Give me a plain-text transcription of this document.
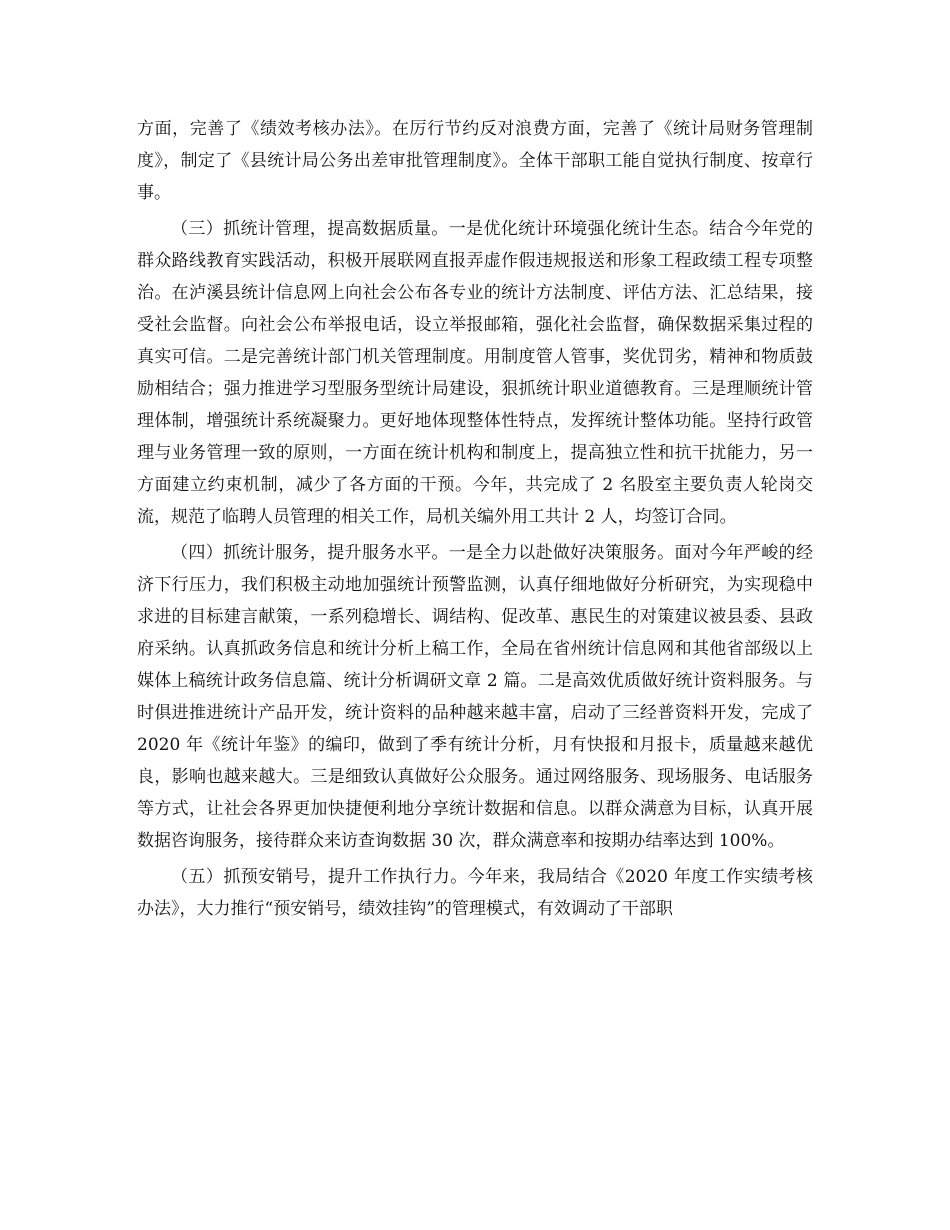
方面，完善了《绩效考核办法》。在厉行节约反对浪费方面，完善了《统计局财务管理制度》，制定了《县统计局公务出差审批管理制度》。全体干部职工能自觉执行制度、按章行事。

（三）抓统计管理，提高数据质量。一是优化统计环境强化统计生态。结合今年党的群众路线教育实践活动，积极开展联网直报弄虚作假违规报送和形象工程政绩工程专项整治。在泸溪县统计信息网上向社会公布各专业的统计方法制度、评估方法、汇总结果，接受社会监督。向社会公布举报电话，设立举报邮箱，强化社会监督，确保数据采集过程的真实可信。二是完善统计部门机关管理制度。用制度管人管事，奖优罚劣，精神和物质鼓励相结合；强力推进学习型服务型统计局建设，狠抓统计职业道德教育。三是理顺统计管理体制，增强统计系统凝聚力。更好地体现整体性特点，发挥统计整体功能。坚持行政管理与业务管理一致的原则，一方面在统计机构和制度上，提高独立性和抗干扰能力，另一方面建立约束机制，减少了各方面的干预。今年，共完成了 2 名股室主要负责人轮岗交流，规范了临聘人员管理的相关工作，局机关编外用工共计 2 人，均签订合同。

（四）抓统计服务，提升服务水平。一是全力以赴做好决策服务。面对今年严峻的经济下行压力，我们积极主动地加强统计预警监测，认真仔细地做好分析研究，为实现稳中求进的目标建言献策，一系列稳增长、调结构、促改革、惠民生的对策建议被县委、县政府采纳。认真抓政务信息和统计分析上稿工作，全局在省州统计信息网和其他省部级以上媒体上稿统计政务信息篇、统计分析调研文章 2 篇。二是高效优质做好统计资料服务。与时俱进推进统计产品开发，统计资料的品种越来越丰富，启动了三经普资料开发，完成了 2020 年《统计年鉴》的编印，做到了季有统计分析，月有快报和月报卡，质量越来越优良，影响也越来越大。三是细致认真做好公众服务。通过网络服务、现场服务、电话服务等方式，让社会各界更加快捷便利地分享统计数据和信息。以群众满意为目标，认真开展数据咨询服务，接待群众来访查询数据 30 次，群众满意率和按期办结率达到 100%。

（五）抓预安销号，提升工作执行力。今年来，我局结合《2020 年度工作实绩考核办法》，大力推行“预安销号，绩效挂钩”的管理模式，有效调动了干部职
